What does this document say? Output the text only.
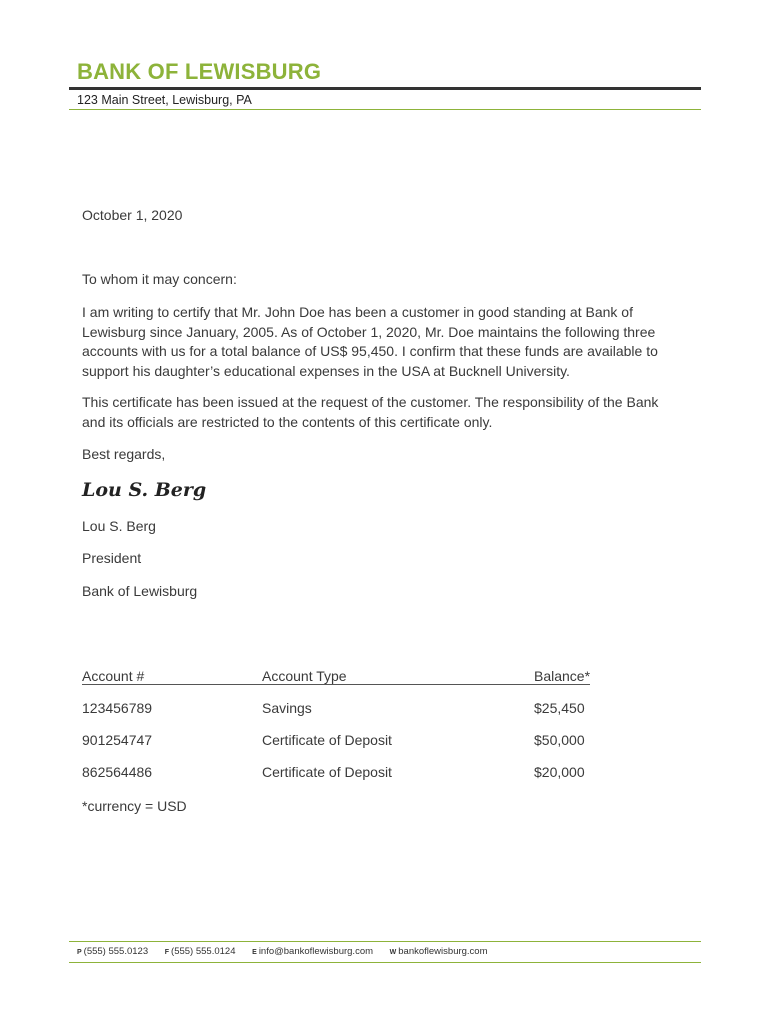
BANK OF LEWISBURG
123 Main Street, Lewisburg, PA
October 1, 2020
To whom it may concern:
I am writing to certify that Mr. John Doe has been a customer in good standing at Bank of
Lewisburg since January, 2005. As of October 1, 2020, Mr. Doe maintains the following three
accounts with us for a total balance of US$ 95,450. I confirm that these funds are available to
support his daughter’s educational expenses in the USA at Bucknell University.
This certificate has been issued at the request of the customer. The responsibility of the Bank
and its officials are restricted to the contents of this certificate only.
Best regards,
Lou S. Berg
Lou S. Berg
President
Bank of Lewisburg
Account #	Account Type	Balance*
123456789	Savings	$25,450
901254747	Certificate of Deposit	$50,000
862564486	Certificate of Deposit	$20,000
*currency = USD
P (555) 555.0123 F (555) 555.0124 E info@bankoflewisburg.com W bankoflewisburg.com
